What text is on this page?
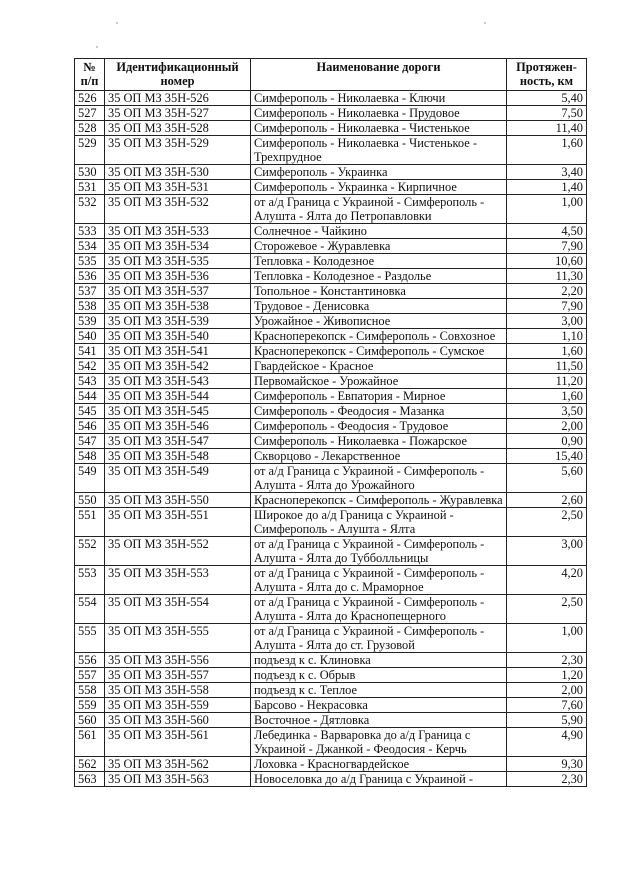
№ п/п	Идентификационный номер	Наименование дороги	Протяжен-ность, км
526	35 ОП МЗ 35Н-526	Симферополь - Николаевка - Ключи	5,40
527	35 ОП МЗ 35Н-527	Симферополь - Николаевка - Прудовое	7,50
528	35 ОП МЗ 35Н-528	Симферополь - Николаевка - Чистенькое	11,40
529	35 ОП МЗ 35Н-529	Симферополь - Николаевка - Чистенькое - Трехпрудное	1,60
530	35 ОП МЗ 35Н-530	Симферополь - Украинка	3,40
531	35 ОП МЗ 35Н-531	Симферополь - Украинка - Кирпичное	1,40
532	35 ОП МЗ 35Н-532	от а/д Граница с Украиной - Симферополь - Алушта - Ялта до Петропавловки	1,00
533	35 ОП МЗ 35Н-533	Солнечное - Чайкино	4,50
534	35 ОП МЗ 35Н-534	Сторожевое - Журавлевка	7,90
535	35 ОП МЗ 35Н-535	Тепловка - Колодезное	10,60
536	35 ОП МЗ 35Н-536	Тепловка - Колодезное - Раздолье	11,30
537	35 ОП МЗ 35Н-537	Топольное - Константиновка	2,20
538	35 ОП МЗ 35Н-538	Трудовое - Денисовка	7,90
539	35 ОП МЗ 35Н-539	Урожайное - Живописное	3,00
540	35 ОП МЗ 35Н-540	Красноперекопск - Симферополь - Совхозное	1,10
541	35 ОП МЗ 35Н-541	Красноперекопск - Симферополь - Сумское	1,60
542	35 ОП МЗ 35Н-542	Гвардейское - Красное	11,50
543	35 ОП МЗ 35Н-543	Первомайское - Урожайное	11,20
544	35 ОП МЗ 35Н-544	Симферополь - Евпатория - Мирное	1,60
545	35 ОП МЗ 35Н-545	Симферополь - Феодосия - Мазанка	3,50
546	35 ОП МЗ 35Н-546	Симферополь - Феодосия - Трудовое	2,00
547	35 ОП МЗ 35Н-547	Симферополь - Николаевка - Пожарское	0,90
548	35 ОП МЗ 35Н-548	Скворцово - Лекарственное	15,40
549	35 ОП МЗ 35Н-549	от а/д Граница с Украиной - Симферополь - Алушта - Ялта до Урожайного	5,60
550	35 ОП МЗ 35Н-550	Красноперекопск - Симферополь - Журавлевка	2,60
551	35 ОП МЗ 35Н-551	Широкое до а/д Граница с Украиной - Симферополь - Алушта - Ялта	2,50
552	35 ОП МЗ 35Н-552	от а/д Граница с Украиной - Симферополь - Алушта - Ялта до Тубболльницы	3,00
553	35 ОП МЗ 35Н-553	от а/д Граница с Украиной - Симферополь - Алушта - Ялта до с. Мраморное	4,20
554	35 ОП МЗ 35Н-554	от а/д Граница с Украиной - Симферополь - Алушта - Ялта до Краснопещерного	2,50
555	35 ОП МЗ 35Н-555	от а/д Граница с Украиной - Симферополь - Алушта - Ялта до ст. Грузовой	1,00
556	35 ОП МЗ 35Н-556	подъезд к с. Клиновка	2,30
557	35 ОП МЗ 35Н-557	подъезд к с. Обрыв	1,20
558	35 ОП МЗ 35Н-558	подъезд к с. Теплое	2,00
559	35 ОП МЗ 35Н-559	Барсово - Некрасовка	7,60
560	35 ОП МЗ 35Н-560	Восточное - Дятловка	5,90
561	35 ОП МЗ 35Н-561	Лебединка - Варваровка до а/д Граница с Украиной - Джанкой - Феодосия - Керчь	4,90
562	35 ОП МЗ 35Н-562	Лоховка - Красногвардейское	9,30
563	35 ОП МЗ 35Н-563	Новоселовка до а/д Граница с Украиной -	2,30
